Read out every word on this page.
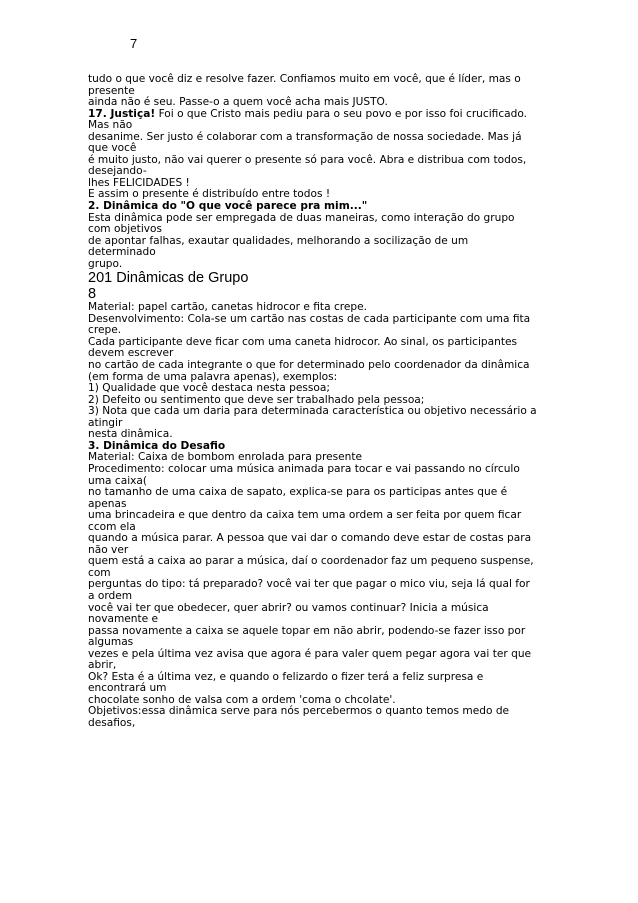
7
tudo o que você diz e resolve fazer. Confiamos muito em você, que é líder, mas o
presente
ainda não é seu. Passe-o a quem você acha mais JUSTO.
17. Justiça! Foi o que Cristo mais pediu para o seu povo e por isso foi crucificado.
Mas não
desanime. Ser justo é colaborar com a transformação de nossa sociedade. Mas já
que você
é muito justo, não vai querer o presente só para você. Abra e distribua com todos,
desejando-
lhes FELICIDADES !
E assim o presente é distribuído entre todos !
2. Dinâmica do "O que você parece pra mim..."
Esta dinâmica pode ser empregada de duas maneiras, como interação do grupo
com objetivos
de apontar falhas, exautar qualidades, melhorando a socilização de um
determinado
grupo.
201 Dinâmicas de Grupo
8
Material: papel cartão, canetas hidrocor e fita crepe.
Desenvolvimento: Cola-se um cartão nas costas de cada participante com uma fita
crepe.
Cada participante deve ficar com uma caneta hidrocor. Ao sinal, os participantes
devem escrever
no cartão de cada integrante o que for determinado pelo coordenador da dinâmica
(em forma de uma palavra apenas), exemplos:
1) Qualidade que você destaca nesta pessoa;
2) Defeito ou sentimento que deve ser trabalhado pela pessoa;
3) Nota que cada um daria para determinada característica ou objetivo necessário a
atingir
nesta dinâmica.
3. Dinâmica do Desafio
Material: Caixa de bombom enrolada para presente
Procedimento: colocar uma música animada para tocar e vai passando no círculo
uma caixa(
no tamanho de uma caixa de sapato, explica-se para os participas antes que é
apenas
uma brincadeira e que dentro da caixa tem uma ordem a ser feita por quem ficar
ccom ela
quando a música parar. A pessoa que vai dar o comando deve estar de costas para
não ver
quem está a caixa ao parar a música, daí o coordenador faz um pequeno suspense,
com
perguntas do tipo: tá preparado? você vai ter que pagar o mico viu, seja lá qual for
a ordem
você vai ter que obedecer, quer abrir? ou vamos continuar? Inicia a música
novamente e
passa novamente a caixa se aquele topar em não abrir, podendo-se fazer isso por
algumas
vezes e pela última vez avisa que agora é para valer quem pegar agora vai ter que
abrir,
Ok? Esta é a última vez, e quando o felizardo o fizer terá a feliz surpresa e
encontrará um
chocolate sonho de valsa com a ordem 'coma o chcolate'.
Objetivos:essa dinâmica serve para nós percebermos o quanto temos medo de
desafios,
